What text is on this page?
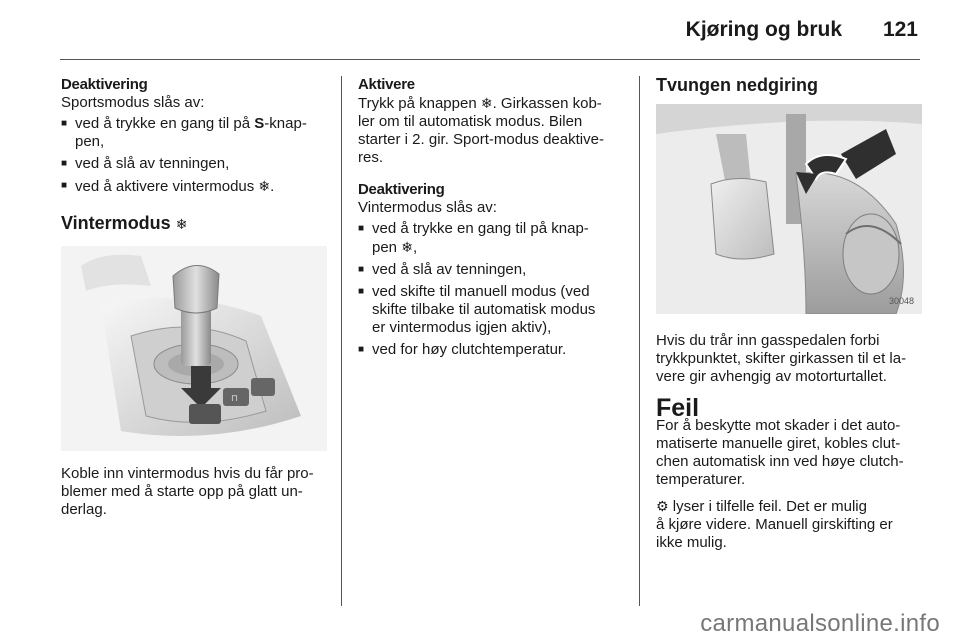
Kjøring og bruk 121

Deaktivering

Sportsmodus slås av:

■ ved å trykke en gang til på S-knap-
pen,
■ ved å slå av tenningen,
■ ved å aktivere vintermodus ❄.

Vintermodus ❄

⊓

Koble inn vintermodus hvis du får pro-
blemer med å starte opp på glatt un-
derlag.

Aktivere

Trykk på knappen ❄. Girkassen kob-
ler om til automatisk modus. Bilen
starter i 2. gir. Sport-modus deaktive-
res.

Deaktivering

Vintermodus slås av:

■ ved å trykke en gang til på knap-
pen ❄,
■ ved å slå av tenningen,
■ ved skifte til manuell modus (ved
skifte tilbake til automatisk modus
er vintermodus igjen aktiv),
■ ved for høy clutchtemperatur.

Tvungen nedgiring

30048

Hvis du trår inn gasspedalen forbi
trykkpunktet, skifter girkassen til et la-
vere gir avhengig av motorturtallet.

Feil

For å beskytte mot skader i det auto-
matiserte manuelle giret, kobles clut-
chen automatisk inn ved høye clutch-
temperaturer.

⚙ lyser i tilfelle feil. Det er mulig
å kjøre videre. Manuell girskifting er
ikke mulig.

carmanualsonline.info
